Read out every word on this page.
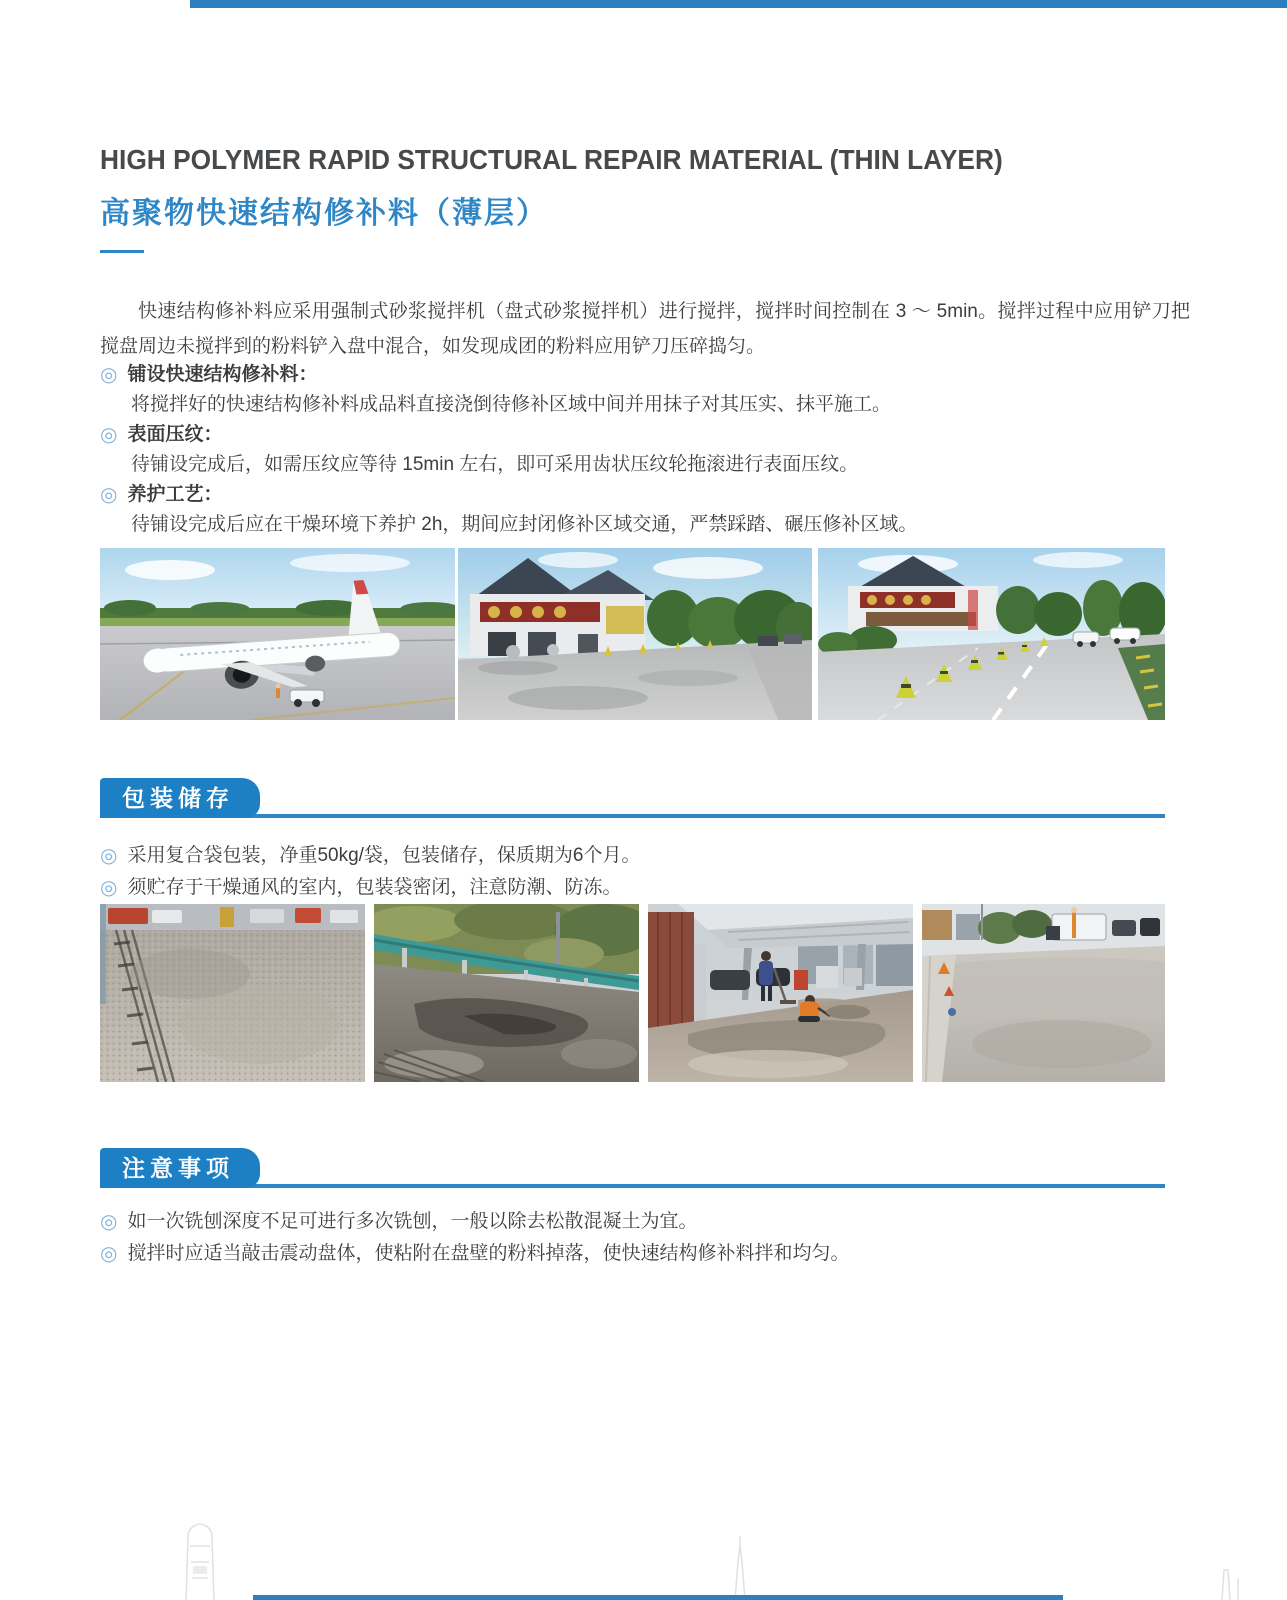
HIGH POLYMER RAPID STRUCTURAL REPAIR MATERIAL (THIN LAYER)
高聚物快速结构修补料（薄层）
快速结构修补料应采用强制式砂浆搅拌机（盘式砂浆搅拌机）进行搅拌，搅拌时间控制在 3 ～ 5min。搅拌过程中应用铲刀把搅盘周边未搅拌到的粉料铲入盘中混合，如发现成团的粉料应用铲刀压碎捣匀。
◎ 铺设快速结构修补料：
将搅拌好的快速结构修补料成品料直接浇倒待修补区域中间并用抹子对其压实、抹平施工。
◎ 表面压纹：
待铺设完成后，如需压纹应等待 15min 左右，即可采用齿状压纹轮拖滚进行表面压纹。
◎ 养护工艺：
待铺设完成后应在干燥环境下养护 2h，期间应封闭修补区域交通，严禁踩踏、碾压修补区域。
包装储存
◎ 采用复合袋包装，净重50kg/袋，包装储存，保质期为6个月。
◎ 须贮存于干燥通风的室内，包装袋密闭，注意防潮、防冻。
注意事项
◎ 如一次铣刨深度不足可进行多次铣刨，一般以除去松散混凝土为宜。
◎ 搅拌时应适当敲击震动盘体，使粘附在盘壁的粉料掉落，使快速结构修补料拌和均匀。
